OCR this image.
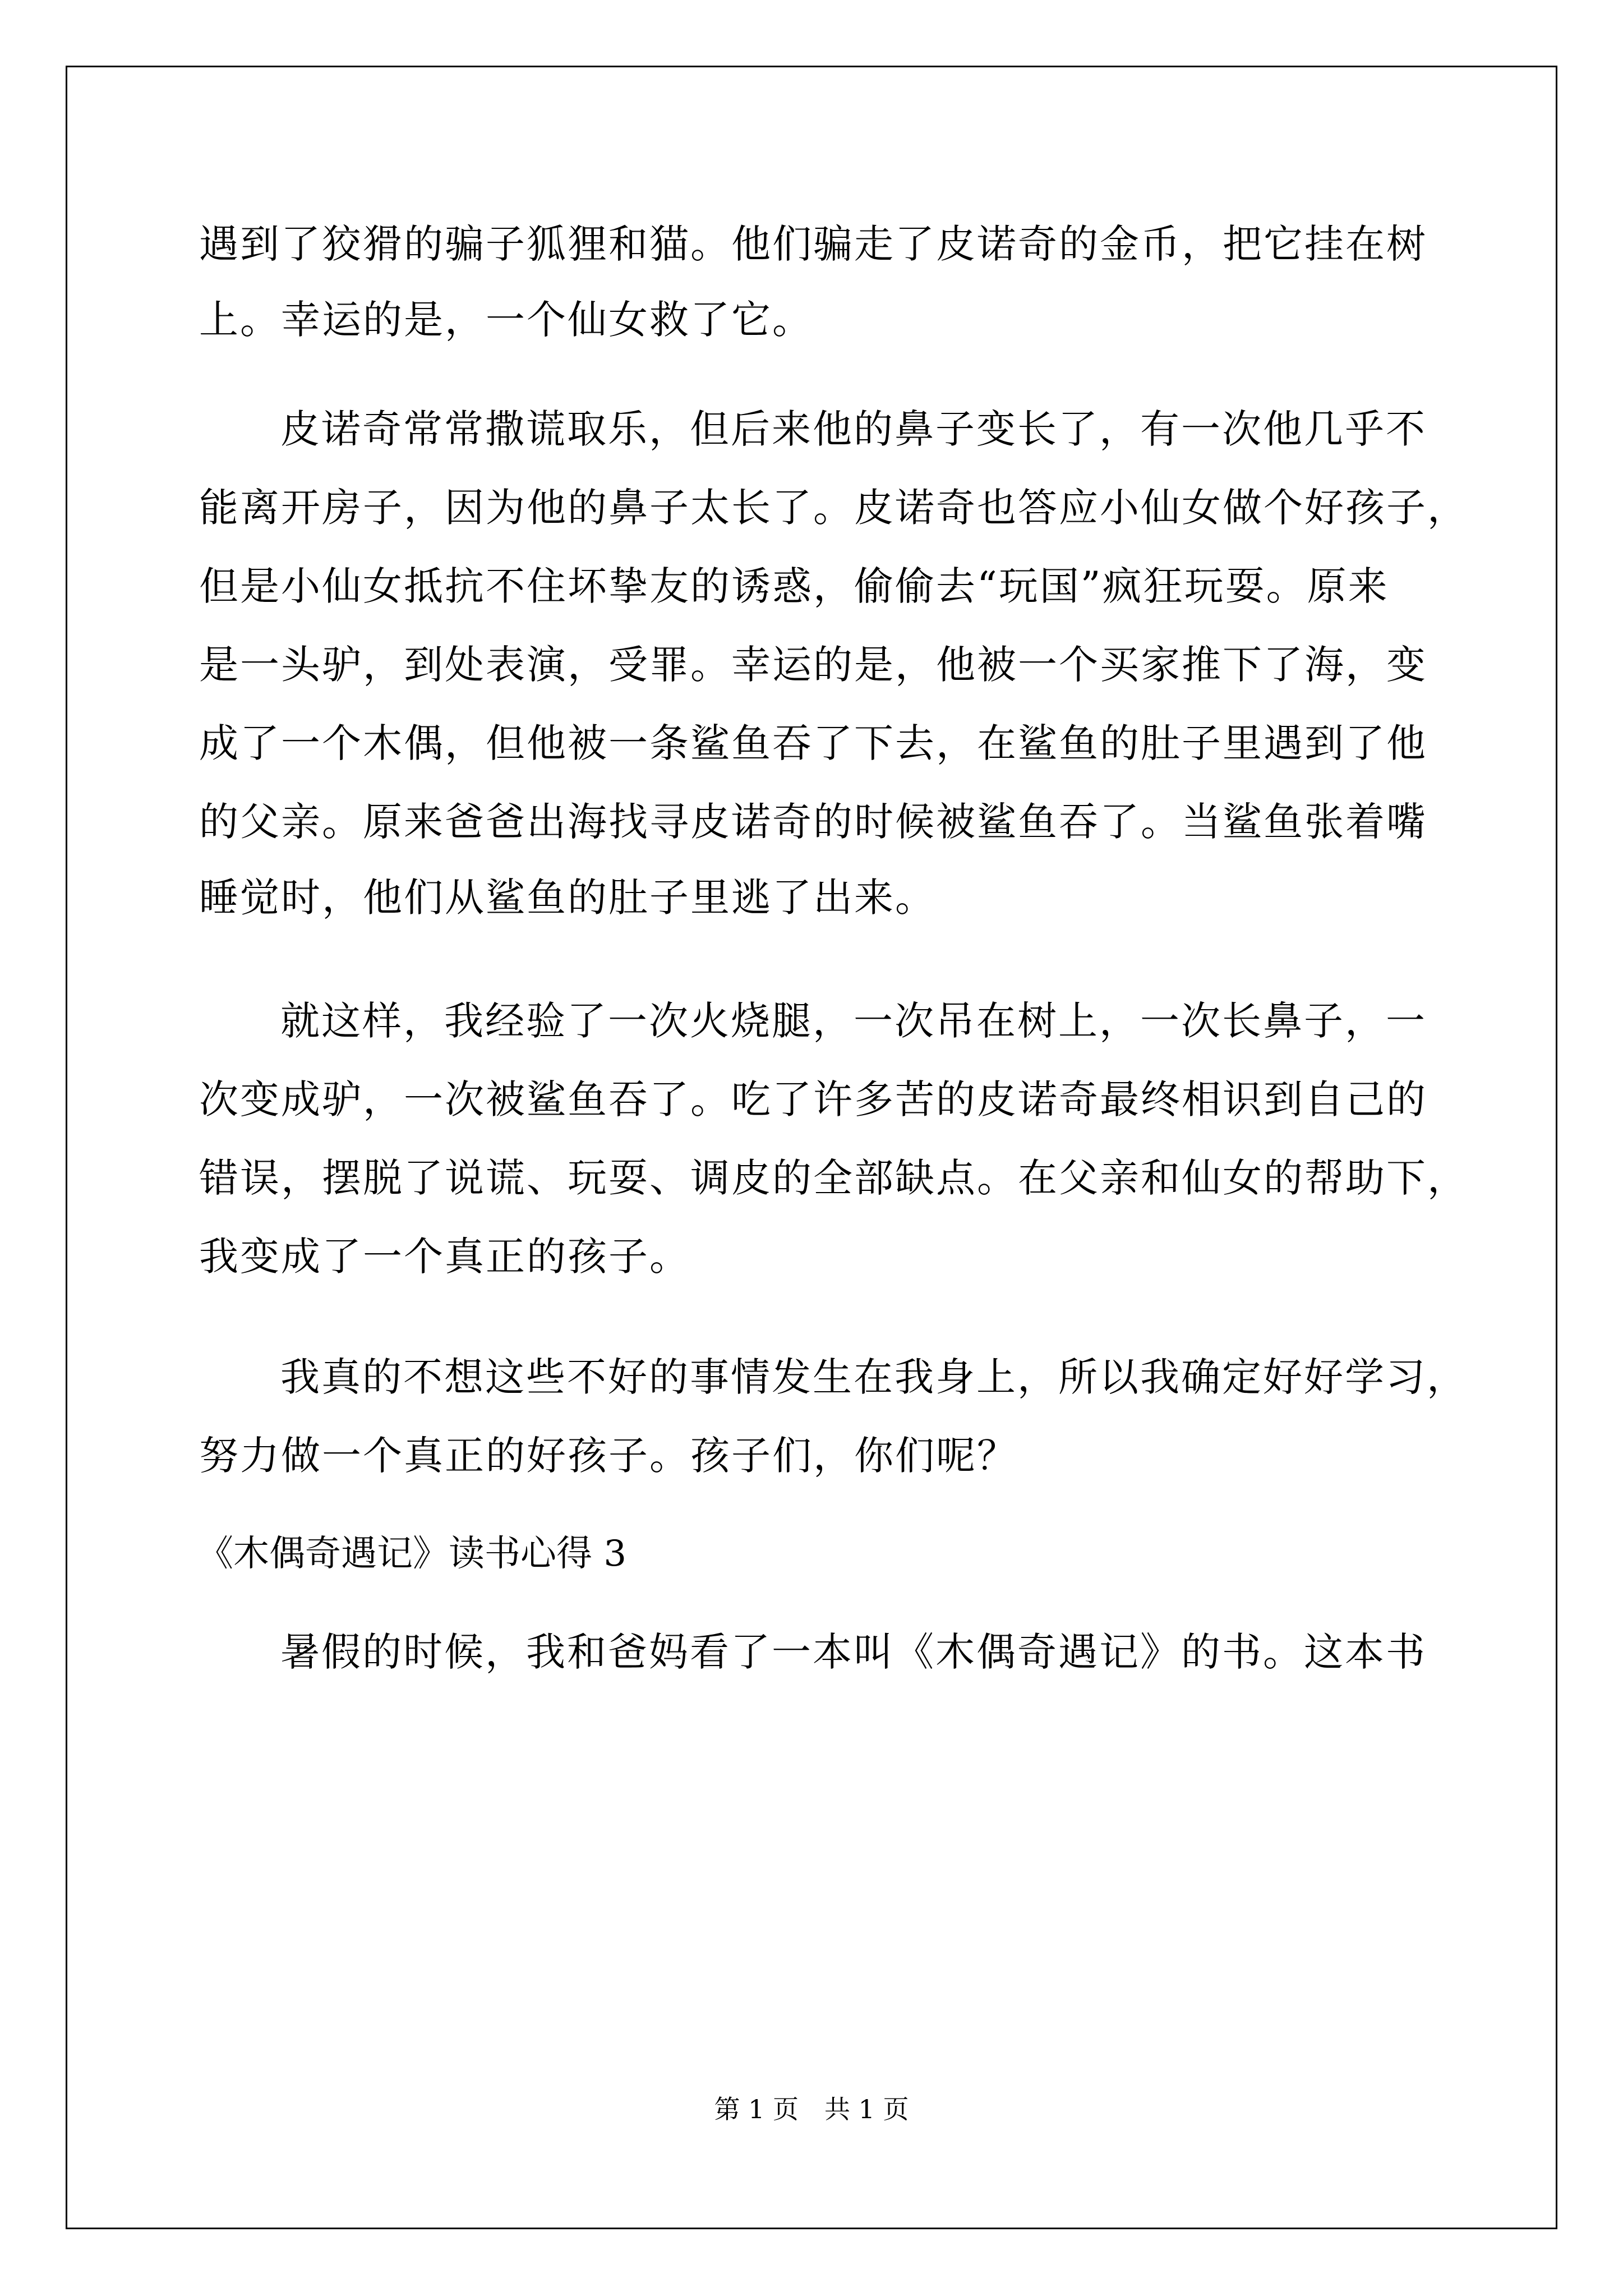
遇到了狡猾的骗子狐狸和猫。他们骗走了皮诺奇的金币，把它挂在树
上。幸运的是，一个仙女救了它。
皮诺奇常常撒谎取乐，但后来他的鼻子变长了，有一次他几乎不
能离开房子，因为他的鼻子太长了。皮诺奇也答应小仙女做个好孩子，
但是小仙女抵抗不住坏挚友的诱惑，偷偷去“玩国”疯狂玩耍。原来
是一头驴，到处表演，受罪。幸运的是，他被一个买家推下了海，变
成了一个木偶，但他被一条鲨鱼吞了下去，在鲨鱼的肚子里遇到了他
的父亲。原来爸爸出海找寻皮诺奇的时候被鲨鱼吞了。当鲨鱼张着嘴
睡觉时，他们从鲨鱼的肚子里逃了出来。
就这样，我经验了一次火烧腿，一次吊在树上，一次长鼻子，一
次变成驴，一次被鲨鱼吞了。吃了许多苦的皮诺奇最终相识到自己的
错误，摆脱了说谎、玩耍、调皮的全部缺点。在父亲和仙女的帮助下，
我变成了一个真正的孩子。
我真的不想这些不好的事情发生在我身上，所以我确定好好学习，
努力做一个真正的好孩子。孩子们，你们呢？
《木偶奇遇记》读书心得 3
暑假的时候，我和爸妈看了一本叫《木偶奇遇记》的书。这本书
第 1 页　共 1 页
